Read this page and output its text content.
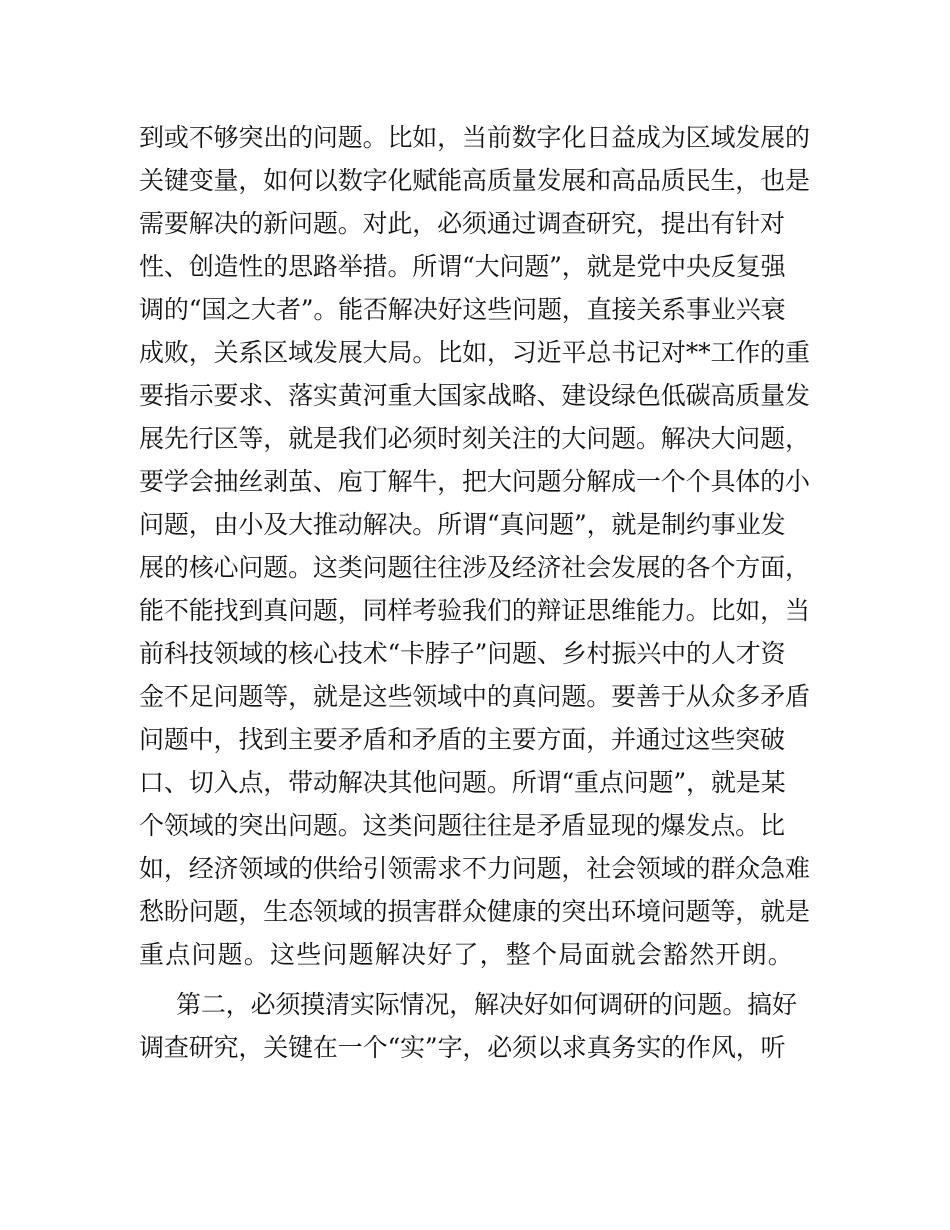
到或不够突出的问题。比如，当前数字化日益成为区域发展的
关键变量，如何以数字化赋能高质量发展和高品质民生，也是
需要解决的新问题。对此，必须通过调查研究，提出有针对
性、创造性的思路举措。所谓“大问题”，就是党中央反复强
调的“国之大者”。能否解决好这些问题，直接关系事业兴衰
成败，关系区域发展大局。比如，习近平总书记对**工作的重
要指示要求、落实黄河重大国家战略、建设绿色低碳高质量发
展先行区等，就是我们必须时刻关注的大问题。解决大问题，
要学会抽丝剥茧、庖丁解牛，把大问题分解成一个个具体的小
问题，由小及大推动解决。所谓“真问题”，就是制约事业发
展的核心问题。这类问题往往涉及经济社会发展的各个方面，
能不能找到真问题，同样考验我们的辩证思维能力。比如，当
前科技领域的核心技术“卡脖子”问题、乡村振兴中的人才资
金不足问题等，就是这些领域中的真问题。要善于从众多矛盾
问题中，找到主要矛盾和矛盾的主要方面，并通过这些突破
口、切入点，带动解决其他问题。所谓“重点问题”，就是某
个领域的突出问题。这类问题往往是矛盾显现的爆发点。比
如，经济领域的供给引领需求不力问题，社会领域的群众急难
愁盼问题，生态领域的损害群众健康的突出环境问题等，就是
重点问题。这些问题解决好了，整个局面就会豁然开朗。
第二，必须摸清实际情况，解决好如何调研的问题。搞好
调查研究，关键在一个“实”字，必须以求真务实的作风，听
